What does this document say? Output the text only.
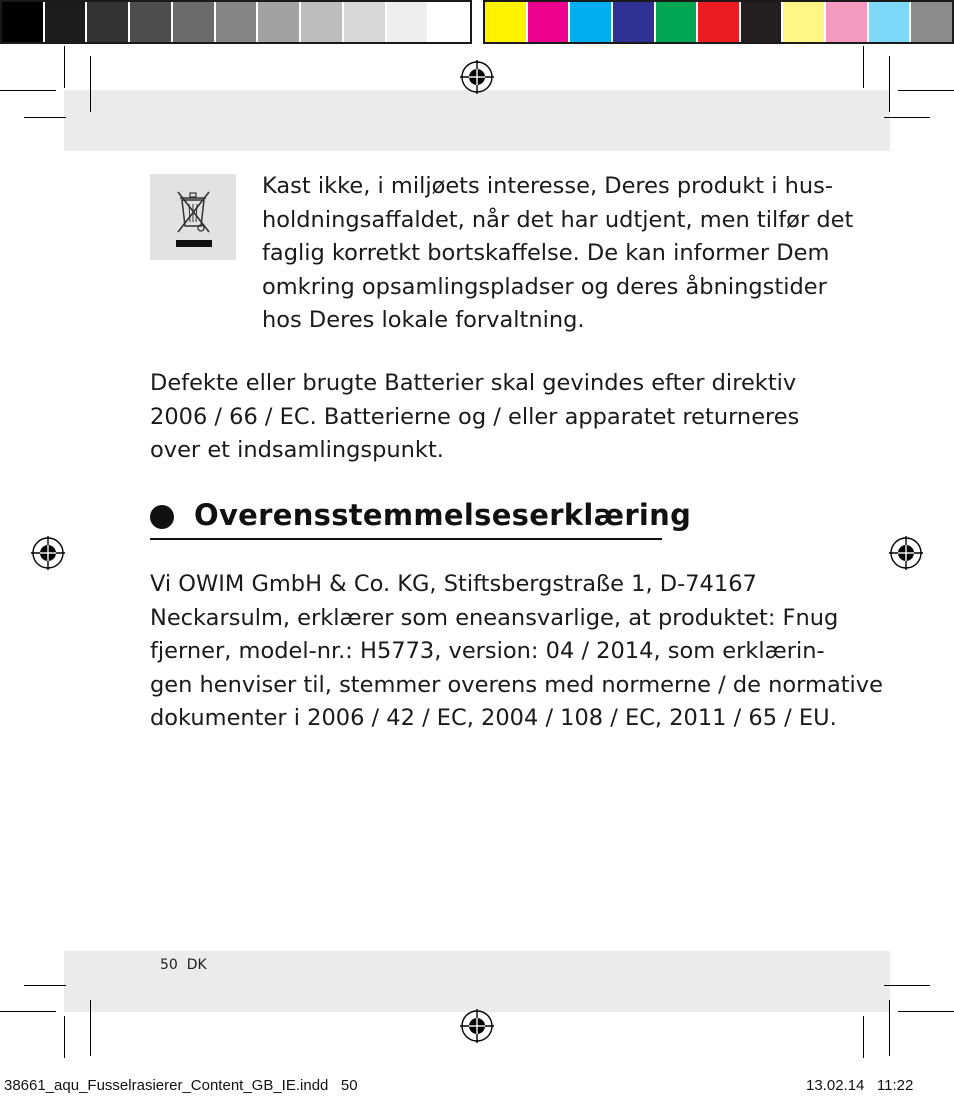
Kast ikke, i miljøets interesse, Deres produkt i hus-
holdningsaffaldet, når det har udtjent, men tilfør det
faglig korretkt bortskaffelse. De kan informer Dem
omkring opsamlingspladser og deres åbningstider
hos Deres lokale forvaltning.
Defekte eller brugte Batterier skal gevindes efter direktiv
2006 / 66 / EC. Batterierne og / eller apparatet returneres
over et indsamlingspunkt.
Overensstemmelseserklæring
Vi OWIM GmbH & Co. KG, Stiftsbergstraße 1, D-74167
Neckarsulm, erklærer som eneansvarlige, at produktet: Fnug
fjerner, model-nr.: H5773, version: 04 / 2014, som erklærin-
gen henviser til, stemmer overens med normerne / de normative
dokumenter i 2006 / 42 / EC, 2004 / 108 / EC, 2011 / 65 / EU.
50  DK
38661_aqu_Fusselrasierer_Content_GB_IE.indd   50	13.02.14   11:22
